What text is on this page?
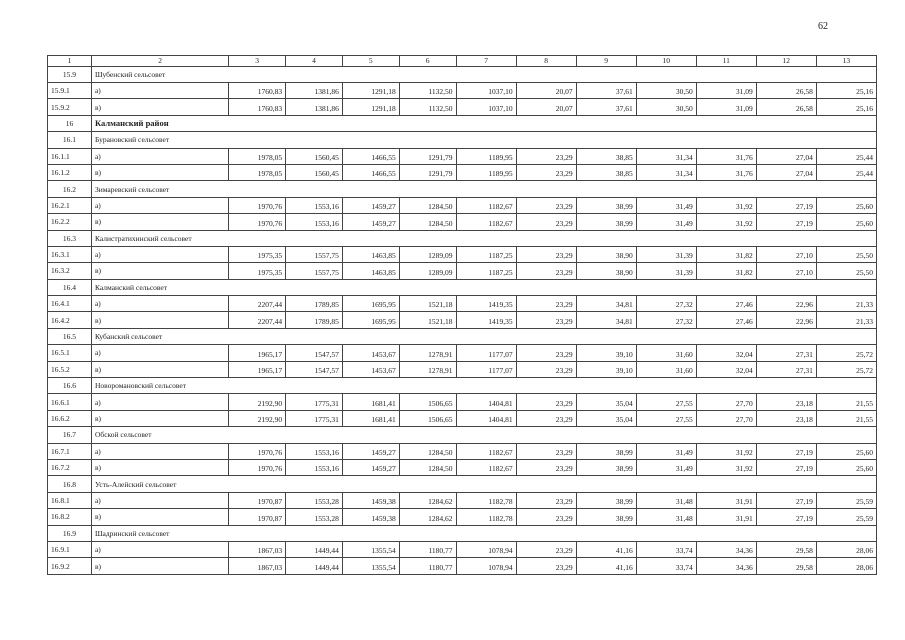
62
1	2	3	4	5	6	7	8	9	10	11	12	13
15.9	Шубенский сельсовет											
15.9.1	а)	1760,83	1381,86	1291,18	1132,50	1037,10	20,07	37,61	30,50	31,09	26,58	25,16
15.9.2	в)	1760,83	1381,86	1291,18	1132,50	1037,10	20,07	37,61	30,50	31,09	26,58	25,16
16	Калманский район											
16.1	Бурановский сельсовет											
16.1.1	а)	1978,05	1560,45	1466,55	1291,79	1189,95	23,29	38,85	31,34	31,76	27,04	25,44
16.1.2	в)	1978,05	1560,45	1466,55	1291,79	1189,95	23,29	38,85	31,34	31,76	27,04	25,44
16.2	Зимаревский сельсовет											
16.2.1	а)	1970,76	1553,16	1459,27	1284,50	1182,67	23,29	38,99	31,49	31,92	27,19	25,60
16.2.2	в)	1970,76	1553,16	1459,27	1284,50	1182,67	23,29	38,99	31,49	31,92	27,19	25,60
16.3	Калистратихинский сельсовет											
16.3.1	а)	1975,35	1557,75	1463,85	1289,09	1187,25	23,29	38,90	31,39	31,82	27,10	25,50
16.3.2	в)	1975,35	1557,75	1463,85	1289,09	1187,25	23,29	38,90	31,39	31,82	27,10	25,50
16.4	Калманский сельсовет											
16.4.1	а)	2207,44	1789,85	1695,95	1521,18	1419,35	23,29	34,81	27,32	27,46	22,96	21,33
16.4.2	в)	2207,44	1789,85	1695,95	1521,18	1419,35	23,29	34,81	27,32	27,46	22,96	21,33
16.5	Кубанский сельсовет											
16.5.1	а)	1965,17	1547,57	1453,67	1278,91	1177,07	23,29	39,10	31,60	32,04	27,31	25,72
16.5.2	в)	1965,17	1547,57	1453,67	1278,91	1177,07	23,29	39,10	31,60	32,04	27,31	25,72
16.6	Новоромановский сельсовет											
16.6.1	а)	2192,90	1775,31	1681,41	1506,65	1404,81	23,29	35,04	27,55	27,70	23,18	21,55
16.6.2	в)	2192,90	1775,31	1681,41	1506,65	1404,81	23,29	35,04	27,55	27,70	23,18	21,55
16.7	Обской сельсовет											
16.7.1	а)	1970,76	1553,16	1459,27	1284,50	1182,67	23,29	38,99	31,49	31,92	27,19	25,60
16.7.2	в)	1970,76	1553,16	1459,27	1284,50	1182,67	23,29	38,99	31,49	31,92	27,19	25,60
16.8	Усть-Алейский сельсовет											
16.8.1	а)	1970,87	1553,28	1459,38	1284,62	1182,78	23,29	38,99	31,48	31,91	27,19	25,59
16.8.2	в)	1970,87	1553,28	1459,38	1284,62	1182,78	23,29	38,99	31,48	31,91	27,19	25,59
16.9	Шадринский сельсовет											
16.9.1	а)	1867,03	1449,44	1355,54	1180,77	1078,94	23,29	41,16	33,74	34,36	29,58	28,06
16.9.2	в)	1867,03	1449,44	1355,54	1180,77	1078,94	23,29	41,16	33,74	34,36	29,58	28,06
